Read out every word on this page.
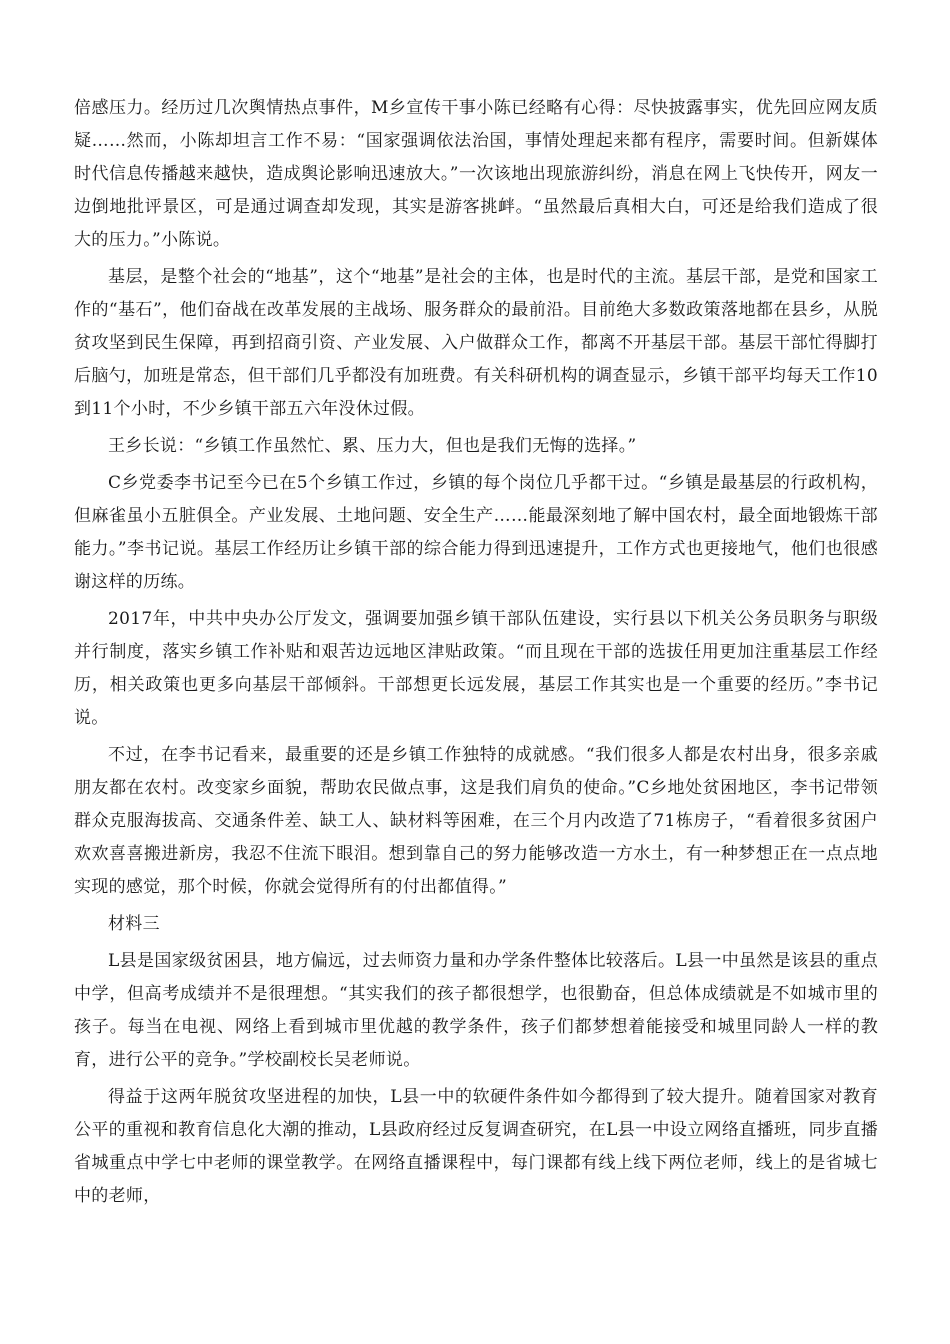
倍感压力。经历过几次舆情热点事件，M乡宣传干事小陈已经略有心得：尽快披露事实，优先回应网友质疑……然而，小陈却坦言工作不易：“国家强调依法治国，事情处理起来都有程序，需要时间。但新媒体时代信息传播越来越快，造成舆论影响迅速放大。”一次该地出现旅游纠纷，消息在网上飞快传开，网友一边倒地批评景区，可是通过调查却发现，其实是游客挑衅。“虽然最后真相大白，可还是给我们造成了很大的压力。”小陈说。

基层，是整个社会的“地基”，这个“地基”是社会的主体，也是时代的主流。基层干部，是党和国家工作的“基石”，他们奋战在改革发展的主战场、服务群众的最前沿。目前绝大多数政策落地都在县乡，从脱贫攻坚到民生保障，再到招商引资、产业发展、入户做群众工作，都离不开基层干部。基层干部忙得脚打后脑勺，加班是常态，但干部们几乎都没有加班费。有关科研机构的调查显示，乡镇干部平均每天工作10到11个小时，不少乡镇干部五六年没休过假。

王乡长说：“乡镇工作虽然忙、累、压力大，但也是我们无悔的选择。”

C乡党委李书记至今已在5个乡镇工作过，乡镇的每个岗位几乎都干过。“乡镇是最基层的行政机构，但麻雀虽小五脏俱全。产业发展、土地问题、安全生产……能最深刻地了解中国农村，最全面地锻炼干部能力。”李书记说。基层工作经历让乡镇干部的综合能力得到迅速提升，工作方式也更接地气，他们也很感谢这样的历练。

2017年，中共中央办公厅发文，强调要加强乡镇干部队伍建设，实行县以下机关公务员职务与职级并行制度，落实乡镇工作补贴和艰苦边远地区津贴政策。“而且现在干部的选拔任用更加注重基层工作经历，相关政策也更多向基层干部倾斜。干部想更长远发展，基层工作其实也是一个重要的经历。”李书记说。

不过，在李书记看来，最重要的还是乡镇工作独特的成就感。“我们很多人都是农村出身，很多亲戚朋友都在农村。改变家乡面貌，帮助农民做点事，这是我们肩负的使命。”C乡地处贫困地区，李书记带领群众克服海拔高、交通条件差、缺工人、缺材料等困难，在三个月内改造了71栋房子，“看着很多贫困户欢欢喜喜搬进新房，我忍不住流下眼泪。想到靠自己的努力能够改造一方水土，有一种梦想正在一点点地实现的感觉，那个时候，你就会觉得所有的付出都值得。”

材料三

L县是国家级贫困县，地方偏远，过去师资力量和办学条件整体比较落后。L县一中虽然是该县的重点中学，但高考成绩并不是很理想。“其实我们的孩子都很想学，也很勤奋，但总体成绩就是不如城市里的孩子。每当在电视、网络上看到城市里优越的教学条件，孩子们都梦想着能接受和城里同龄人一样的教育，进行公平的竞争。”学校副校长吴老师说。

得益于这两年脱贫攻坚进程的加快，L县一中的软硬件条件如今都得到了较大提升。随着国家对教育公平的重视和教育信息化大潮的推动，L县政府经过反复调查研究，在L县一中设立网络直播班，同步直播省城重点中学七中老师的课堂教学。在网络直播课程中，每门课都有线上线下两位老师，线上的是省城七中的老师，
